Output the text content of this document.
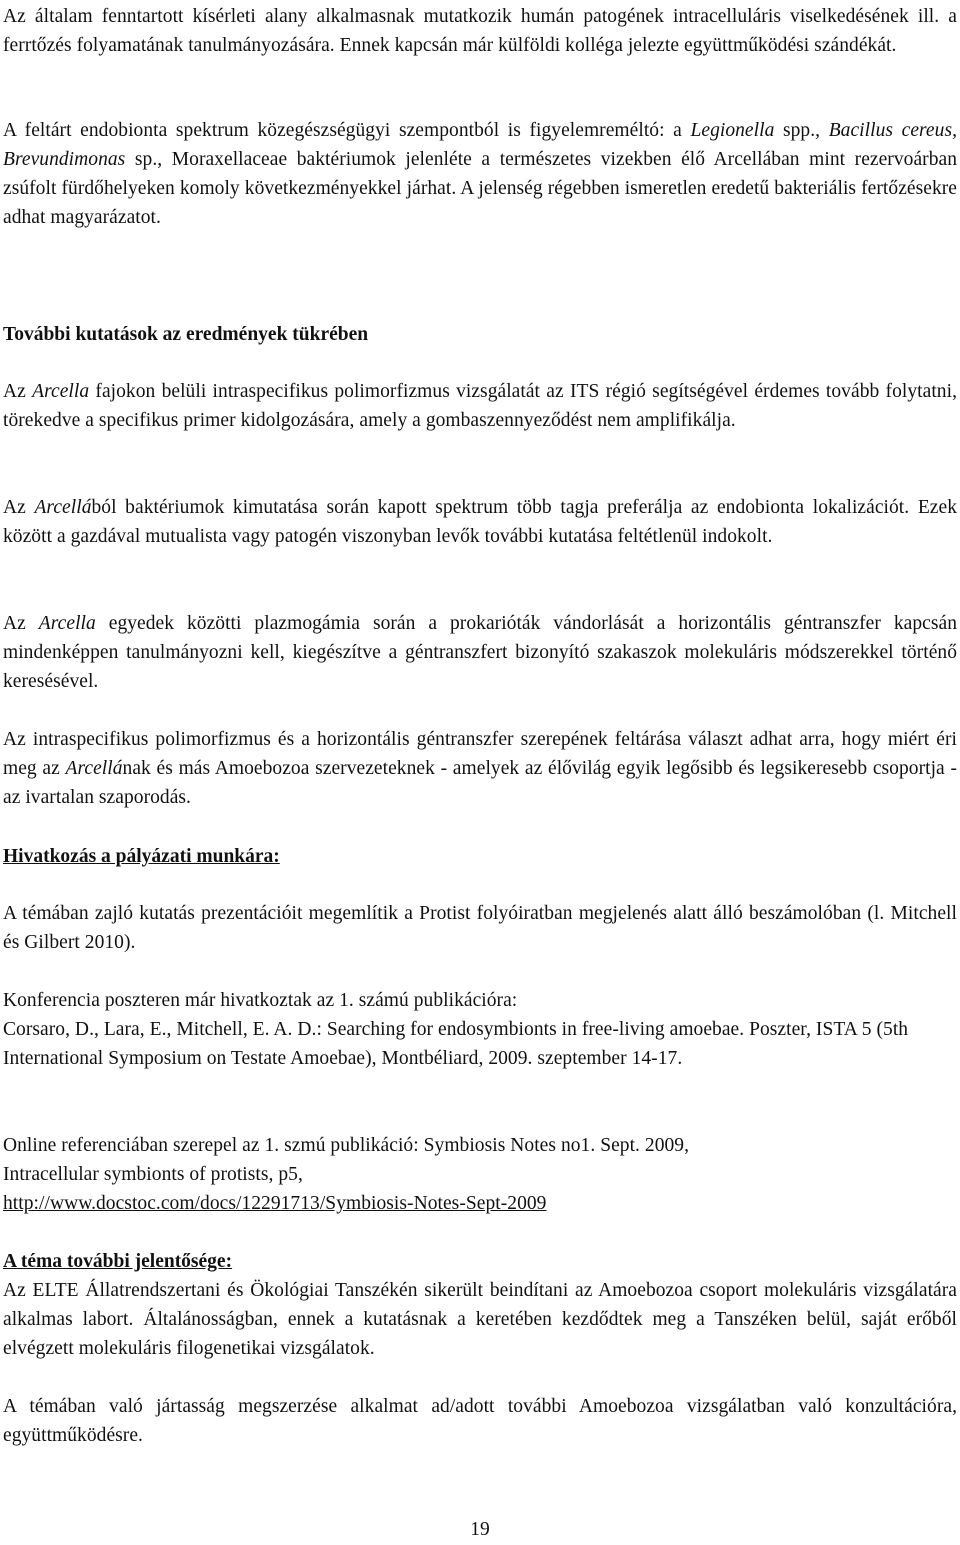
Az általam fenntartott kísérleti alany alkalmasnak mutatkozik humán patogének intracelluláris viselkedésének ill. a ferrtőzés folyamatának tanulmányozására. Ennek kapcsán már külföldi kolléga jelezte együttműködési szándékát.

A feltárt endobionta spektrum közegészségügyi szempontból is figyelemreméltó: a Legionella spp., Bacillus cereus, Brevundimonas sp., Moraxellaceae baktériumok jelenléte a természetes vizekben élő Arcellában mint rezervoárban zsúfolt fürdőhelyeken komoly következményekkel járhat. A jelenség régebben ismeretlen eredetű bakteriális fertőzésekre adhat magyarázatot.

További kutatások az eredmények tükrében

Az Arcella fajokon belüli intraspecifikus polimorfizmus vizsgálatát az ITS régió segítségével érdemes tovább folytatni, törekedve a specifikus primer kidolgozására, amely a gombaszennyeződést nem amplifikálja.

Az Arcellából baktériumok kimutatása során kapott spektrum több tagja preferálja az endobionta lokalizációt. Ezek között a gazdával mutualista vagy patogén viszonyban levők további kutatása feltétlenül indokolt.

Az Arcella egyedek közötti plazmogámia során a prokarióták vándorlását a horizontális géntranszfer kapcsán mindenképpen tanulmányozni kell, kiegészítve a géntranszfert bizonyító szakaszok molekuláris módszerekkel történő keresésével.

Az intraspecifikus polimorfizmus és a horizontális géntranszfer szerepének feltárása választ adhat arra, hogy miért éri meg az Arcellának és más Amoebozoa szervezeteknek - amelyek az élővilág egyik legősibb és legsikeresebb csoportja - az ivartalan szaporodás.

Hivatkozás a pályázati munkára:

A témában zajló kutatás prezentációit megemlítik a Protist folyóiratban megjelenés alatt álló beszámolóban (l. Mitchell és Gilbert 2010).

Konferencia poszteren már hivatkoztak az 1. számú publikációra:
Corsaro, D., Lara, E., Mitchell, E. A. D.: Searching for endosymbionts in free-living amoebae. Poszter, ISTA 5 (5th International Symposium on Testate Amoebae), Montbéliard, 2009. szeptember 14-17.

Online referenciában szerepel az 1. szmú publikáció: Symbiosis Notes no1. Sept. 2009,
Intracellular symbionts of protists, p5,
http://www.docstoc.com/docs/12291713/Symbiosis-Notes-Sept-2009

A téma további jelentősége:

Az ELTE Állatrendszertani és Ökológiai Tanszékén sikerült beindítani az Amoebozoa csoport molekuláris vizsgálatára alkalmas labort. Általánosságban, ennek a kutatásnak a keretében kezdődtek meg a Tanszéken belül, saját erőből elvégzett molekuláris filogenetikai vizsgálatok.

A témában való jártasság megszerzése alkalmat ad/adott további Amoebozoa vizsgálatban való konzultációra, együttműködésre.

19
